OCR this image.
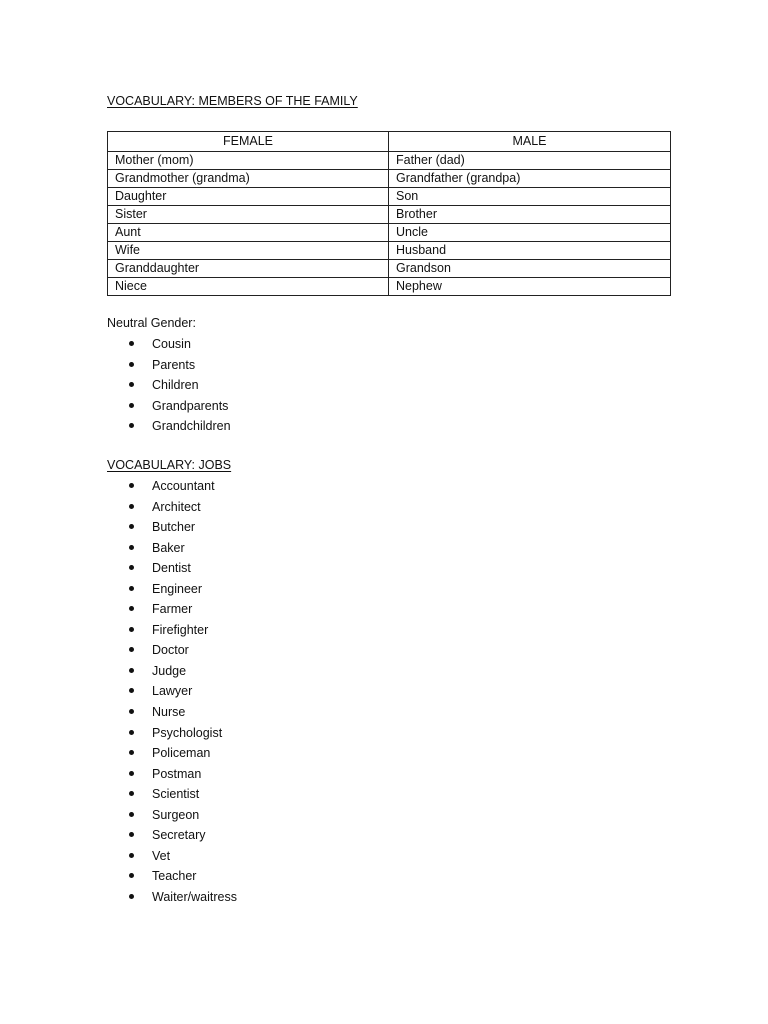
VOCABULARY: MEMBERS OF THE FAMILY
FEMALE	MALE
Mother (mom)	Father (dad)
Grandmother (grandma)	Grandfather (grandpa)
Daughter	Son
Sister	Brother
Aunt	Uncle
Wife	Husband
Granddaughter	Grandson
Niece	Nephew
Neutral Gender:
Cousin
Parents
Children
Grandparents
Grandchildren
VOCABULARY: JOBS
Accountant
Architect
Butcher
Baker
Dentist
Engineer
Farmer
Firefighter
Doctor
Judge
Lawyer
Nurse
Psychologist
Policeman
Postman
Scientist
Surgeon
Secretary
Vet
Teacher
Waiter/waitress
